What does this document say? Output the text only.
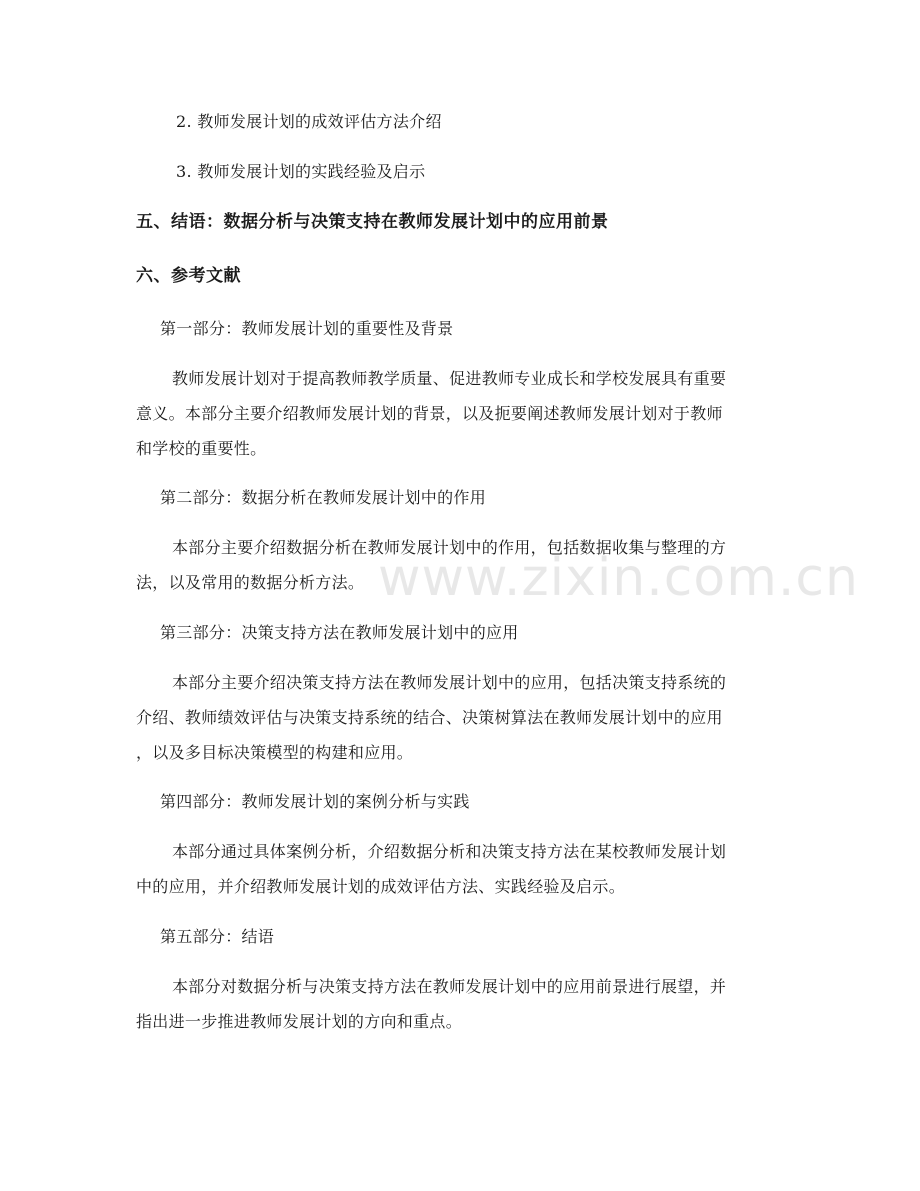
www.zixin.com.cn
2. 教师发展计划的成效评估方法介绍
3. 教师发展计划的实践经验及启示
五、结语：数据分析与决策支持在教师发展计划中的应用前景
六、参考文献
第一部分：教师发展计划的重要性及背景
教师发展计划对于提高教师教学质量、促进教师专业成长和学校发展具有重要
意义。本部分主要介绍教师发展计划的背景，以及扼要阐述教师发展计划对于教师
和学校的重要性。
第二部分：数据分析在教师发展计划中的作用
本部分主要介绍数据分析在教师发展计划中的作用，包括数据收集与整理的方
法，以及常用的数据分析方法。
第三部分：决策支持方法在教师发展计划中的应用
本部分主要介绍决策支持方法在教师发展计划中的应用，包括决策支持系统的
介绍、教师绩效评估与决策支持系统的结合、决策树算法在教师发展计划中的应用
，以及多目标决策模型的构建和应用。
第四部分：教师发展计划的案例分析与实践
本部分通过具体案例分析，介绍数据分析和决策支持方法在某校教师发展计划
中的应用，并介绍教师发展计划的成效评估方法、实践经验及启示。
第五部分：结语
本部分对数据分析与决策支持方法在教师发展计划中的应用前景进行展望，并
指出进一步推进教师发展计划的方向和重点。
